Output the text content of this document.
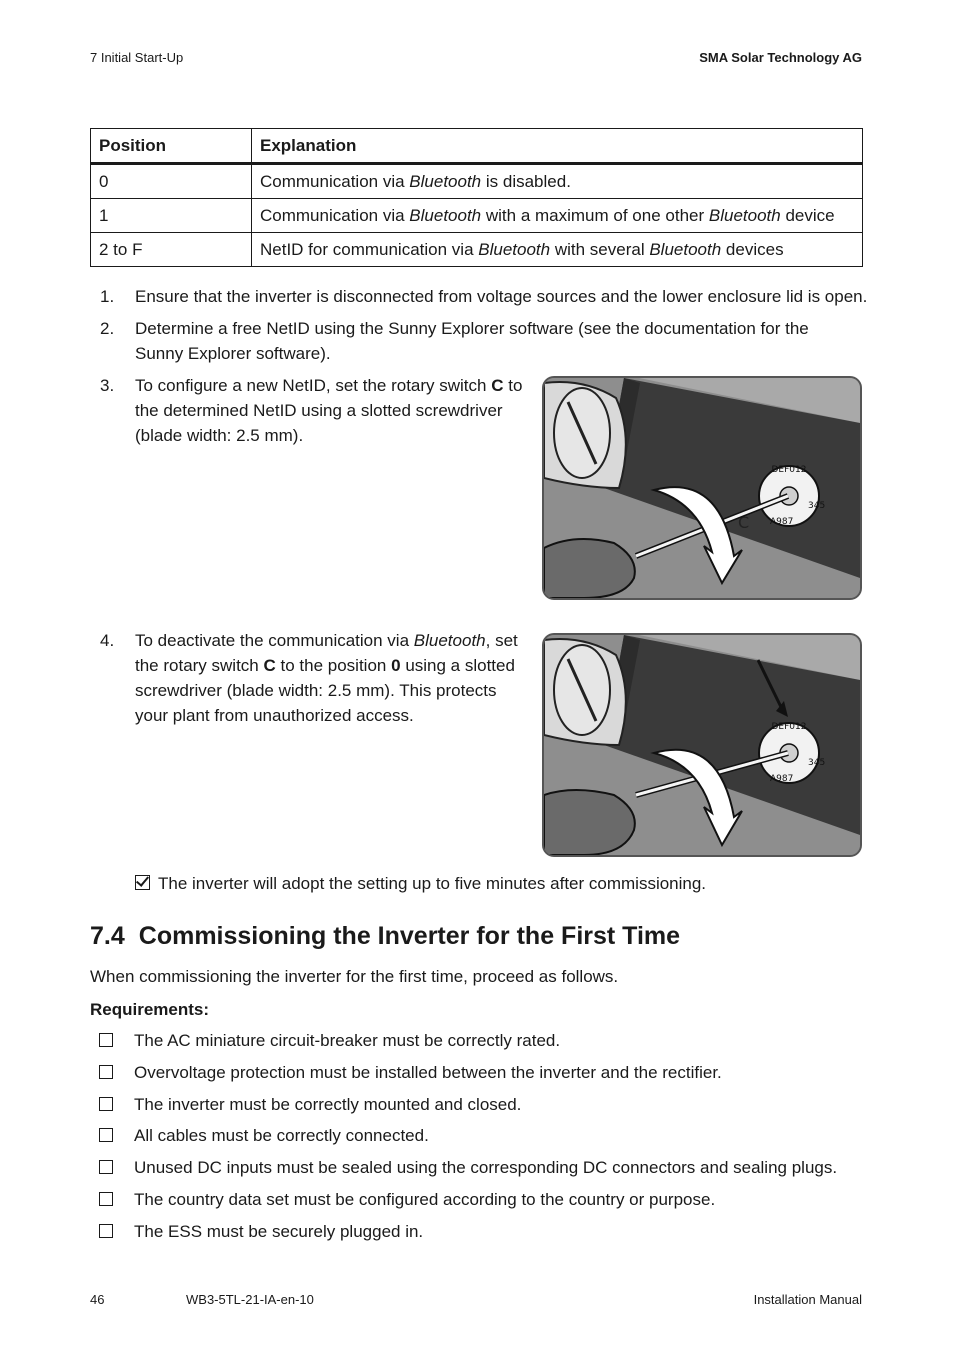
7 Initial Start-Up	SMA Solar Technology AG
Position	Explanation
0	Communication via Bluetooth is disabled.
1	Communication via Bluetooth with a maximum of one other Bluetooth device
2 to F	NetID for communication via Bluetooth with several Bluetooth devices
1.	Ensure that the inverter is disconnected from voltage sources and the lower enclosure lid is open.
2.	Determine a free NetID using the Sunny Explorer software (see the documentation for the
Sunny Explorer software).
3.	To configure a new NetID, set the rotary switch C to
the determined NetID using a slotted screwdriver
(blade width: 2.5 mm).
4.	To deactivate the communication via Bluetooth, set
the rotary switch C to the position 0 using a slotted
screwdriver (blade width: 2.5 mm). This protects
your plant from unauthorized access.
DEF012
345
A987
C
DEF012
345
A987
The inverter will adopt the setting up to five minutes after commissioning.
7.4 Commissioning the Inverter for the First Time
When commissioning the inverter for the first time, proceed as follows.
Requirements:
The AC miniature circuit-breaker must be correctly rated.
Overvoltage protection must be installed between the inverter and the rectifier.
The inverter must be correctly mounted and closed.
All cables must be correctly connected.
Unused DC inputs must be sealed using the corresponding DC connectors and sealing plugs.
The country data set must be configured according to the country or purpose.
The ESS must be securely plugged in.
46	WB3-5TL-21-IA-en-10	Installation Manual
